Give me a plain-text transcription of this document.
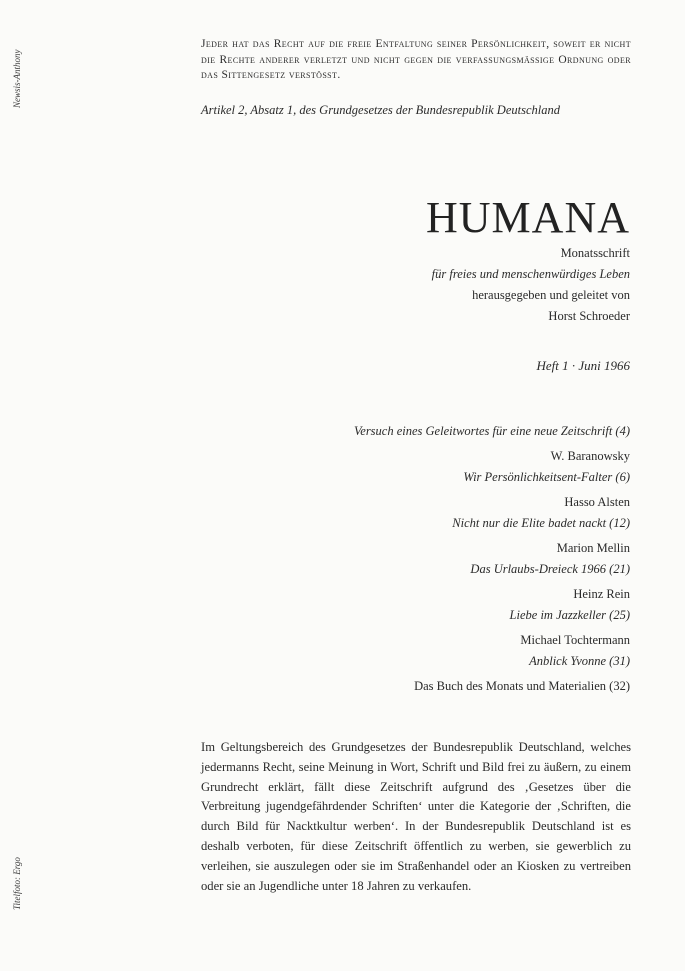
Newsis-Anthony
Titelfoto: Ergo
Jeder hat das Recht auf die freie Entfaltung seiner Persönlichkeit, soweit er nicht die Rechte anderer verletzt und nicht gegen die verfassungsmässige Ordnung oder das Sittengesetz verstösst.
Artikel 2, Absatz 1, des Grundgesetzes der Bundesrepublik Deutschland
HUMANA
Monatsschrift
für freies und menschenwürdiges Leben
herausgegeben und geleitet von
Horst Schroeder
Heft 1 · Juni 1966
Versuch eines Geleitwortes für eine neue Zeitschrift (4)
W. Baranowsky
Wir Persönlichkeitsent-Falter (6)
Hasso Alsten
Nicht nur die Elite badet nackt (12)
Marion Mellin
Das Urlaubs-Dreieck 1966 (21)
Heinz Rein
Liebe im Jazzkeller (25)
Michael Tochtermann
Anblick Yvonne (31)
Das Buch des Monats und Materialien (32)
Im Geltungsbereich des Grundgesetzes der Bundesrepublik Deutschland, welches jedermanns Recht, seine Meinung in Wort, Schrift und Bild frei zu äußern, zu einem Grundrecht erklärt, fällt diese Zeitschrift aufgrund des ‚Gesetzes über die Verbreitung jugendgefährdender Schriften‘ unter die Kategorie der ‚Schriften, die durch Bild für Nacktkultur werben‘. In der Bundesrepublik Deutschland ist es deshalb verboten, für diese Zeitschrift öffentlich zu werben, sie gewerblich zu verleihen, sie auszulegen oder sie im Straßenhandel oder an Kiosken zu vertreiben oder sie an Jugendliche unter 18 Jahren zu verkaufen.
